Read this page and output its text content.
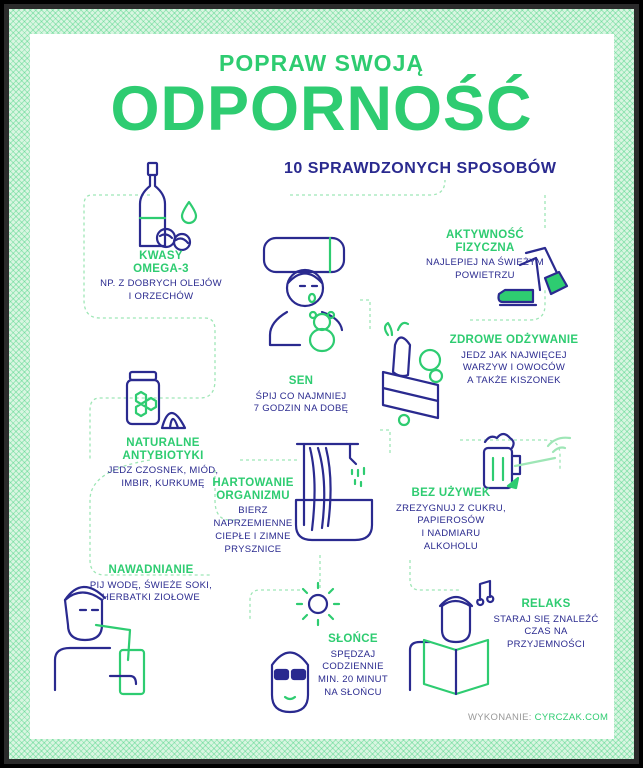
POPRAW SWOJĄ
ODPORNOŚĆ
10 SPRAWDZONYCH SPOSOBÓW
KWASY
OMEGA-3
NP. Z DOBRYCH OLEJÓW
I ORZECHÓW
SEN
ŚPIJ CO NAJMNIEJ
7 GODZIN NA DOBĘ
AKTYWNOŚĆ
FIZYCZNA
NAJLEPIEJ NA ŚWIEŻYM
POWIETRZU
ZDROWE ODŻYWANIE
JEDZ JAK NAJWIĘCEJ
WARZYW I OWOCÓW
A TAKŻE KISZONEK
NATURALNE
ANTYBIOTYKI
JEDZ CZOSNEK, MIÓD,
IMBIR, KURKUMĘ HARTOWANIE
ORGANIZMU
BIERZ NAPRZEMIENNE
CIEPŁE I ZIMNE
PRYSZNICE
BEZ UŻYWEK
ZREZYGNUJ Z CUKRU,
PAPIEROSÓW
I NADMIARU ALKOHOLU
NAWADNIANIE
PIJ WODĘ, ŚWIEŻE SOKI,
HERBATKI ZIOŁOWE
SŁOŃCE
SPĘDZAJ CODZIENNIE
MIN. 20 MINUT
NA SŁOŃCU
RELAKS
STARAJ SIĘ ZNALEŹĆ
CZAS NA PRZYJEMNOŚCI
WYKONANIE: CYRCZAK.COM
